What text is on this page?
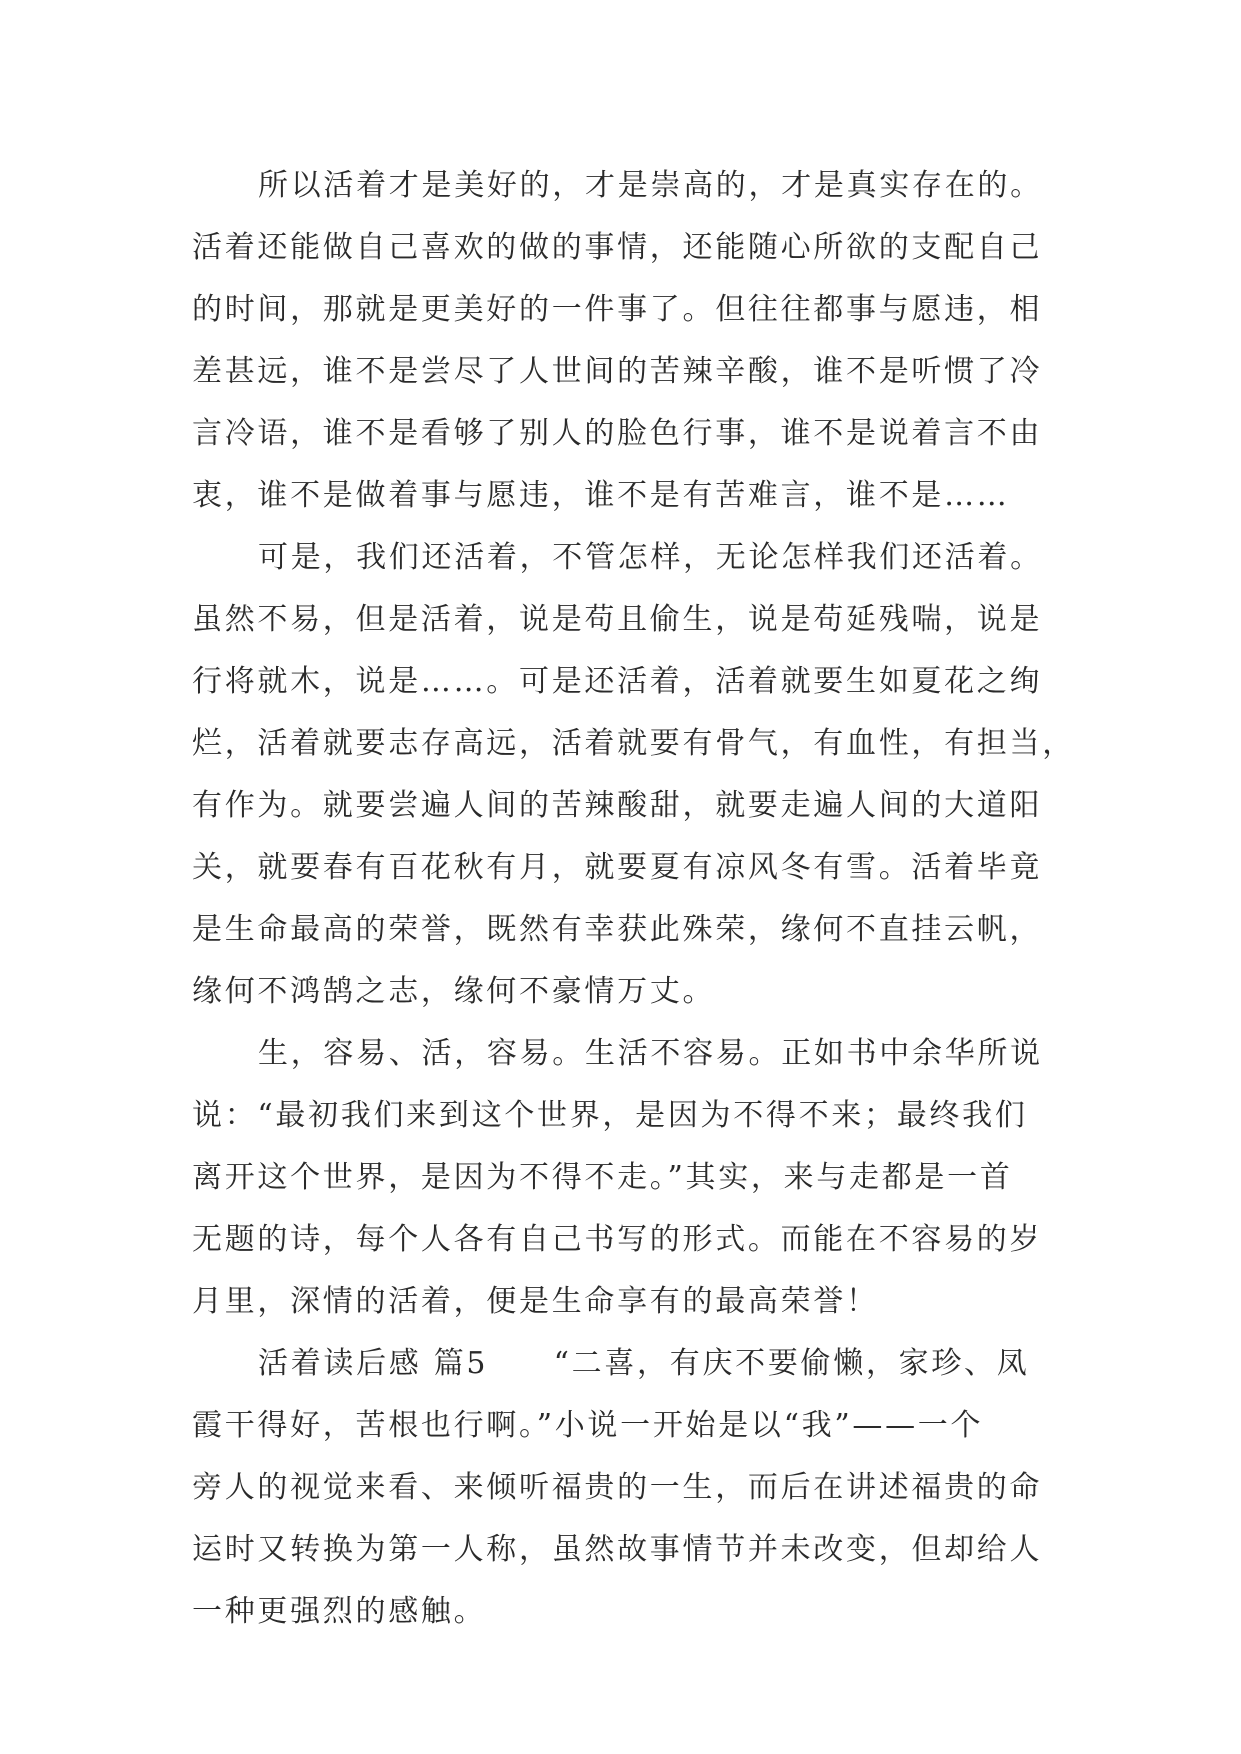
所以活着才是美好的，才是崇高的，才是真实存在的。
活着还能做自己喜欢的做的事情，还能随心所欲的支配自己
的时间，那就是更美好的一件事了。但往往都事与愿违，相
差甚远，谁不是尝尽了人世间的苦辣辛酸，谁不是听惯了冷
言冷语，谁不是看够了别人的脸色行事，谁不是说着言不由
衷，谁不是做着事与愿违，谁不是有苦难言，谁不是……
可是，我们还活着，不管怎样，无论怎样我们还活着。
虽然不易，但是活着，说是苟且偷生，说是苟延残喘，说是
行将就木，说是……。可是还活着，活着就要生如夏花之绚
烂，活着就要志存高远，活着就要有骨气，有血性，有担当，
有作为。就要尝遍人间的苦辣酸甜，就要走遍人间的大道阳
关，就要春有百花秋有月，就要夏有凉风冬有雪。活着毕竟
是生命最高的荣誉，既然有幸获此殊荣，缘何不直挂云帆，
缘何不鸿鹄之志，缘何不豪情万丈。
生，容易、活，容易。生活不容易。正如书中余华所说
说：“最初我们来到这个世界，是因为不得不来；最终我们
离开这个世界，是因为不得不走。”其实，来与走都是一首
无题的诗，每个人各有自己书写的形式。而能在不容易的岁
月里，深情的活着，便是生命享有的最高荣誉！
活着读后感 篇5　　“二喜，有庆不要偷懒，家珍、凤
霞干得好，苦根也行啊。”小说一开始是以“我”——一个
旁人的视觉来看、来倾听福贵的一生，而后在讲述福贵的命
运时又转换为第一人称，虽然故事情节并未改变，但却给人
一种更强烈的感触。
